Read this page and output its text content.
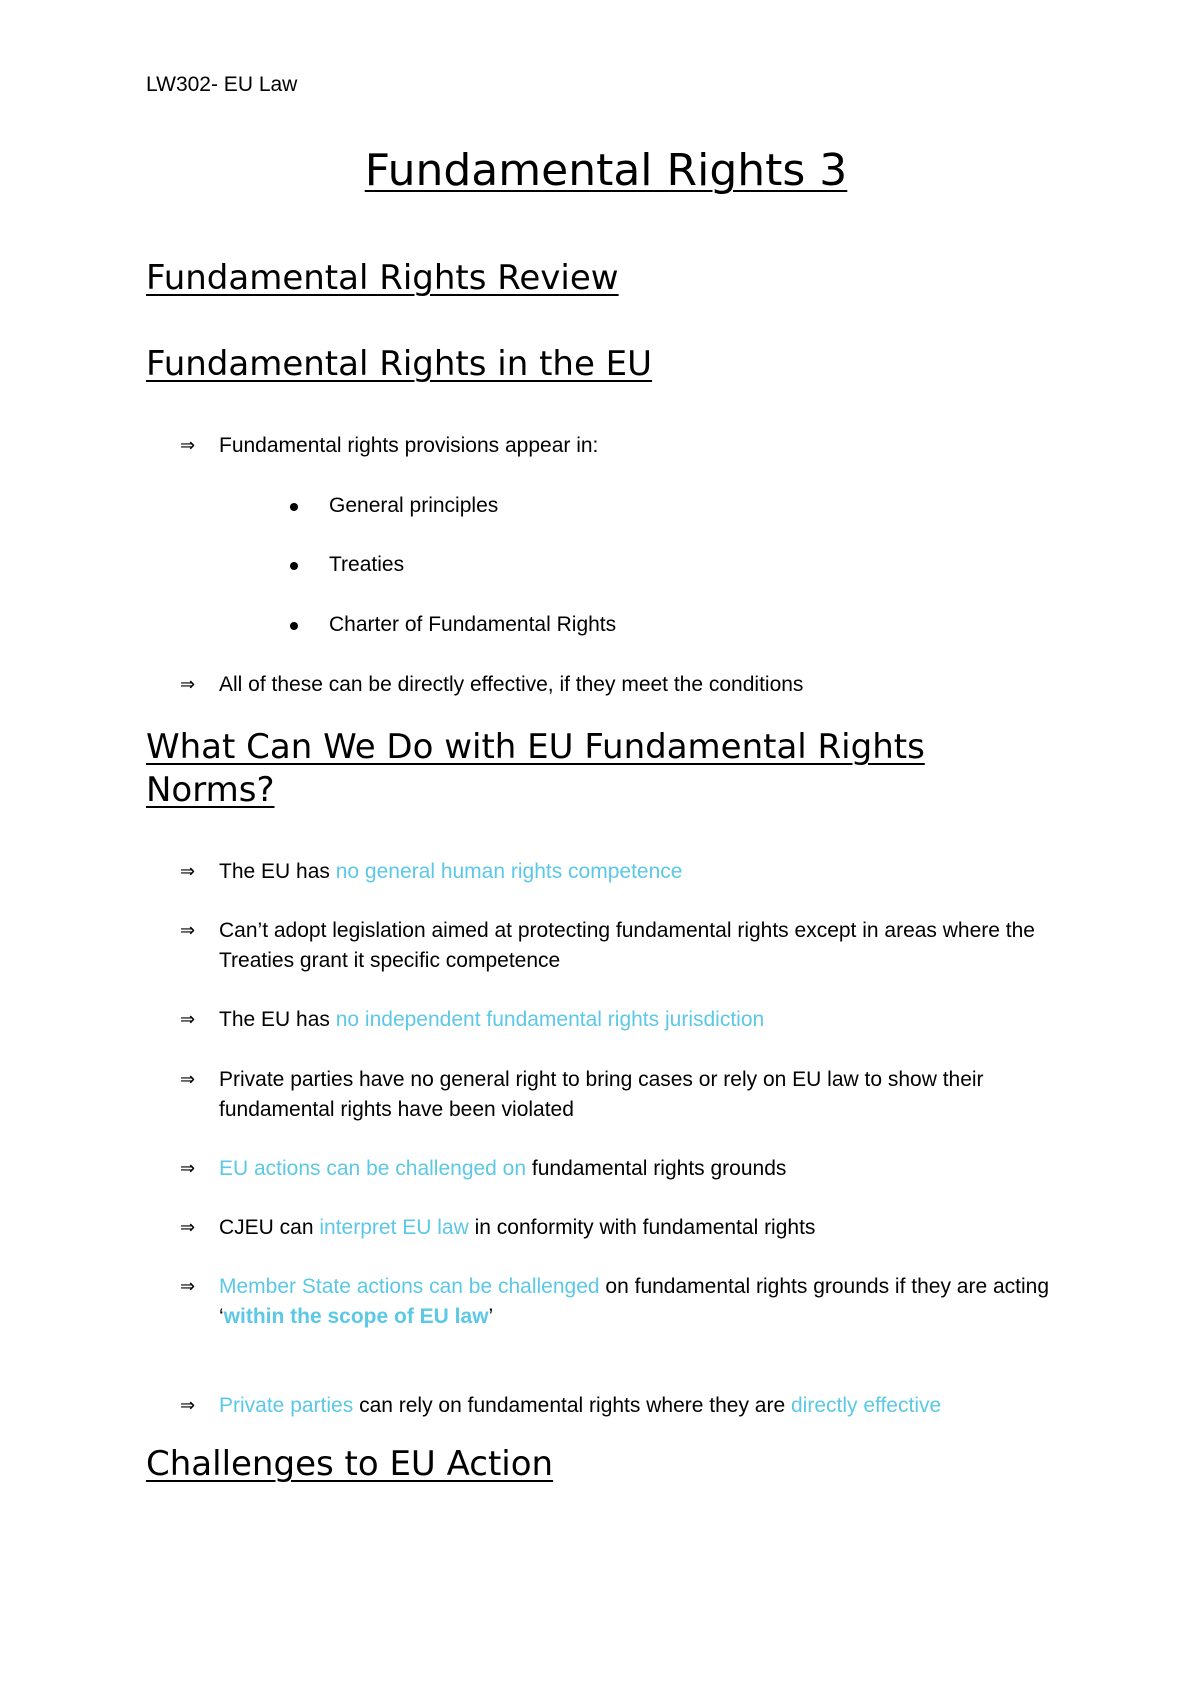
LW302- EU Law
Fundamental Rights 3
Fundamental Rights Review
Fundamental Rights in the EU
⇒ Fundamental rights provisions appear in:
General principles
Treaties
Charter of Fundamental Rights
⇒ All of these can be directly effective, if they meet the conditions
What Can We Do with EU Fundamental Rights Norms?
⇒ The EU has no general human rights competence
⇒ Can’t adopt legislation aimed at protecting fundamental rights except in areas where the Treaties grant it specific competence
⇒ The EU has no independent fundamental rights jurisdiction
⇒ Private parties have no general right to bring cases or rely on EU law to show their fundamental rights have been violated
⇒ EU actions can be challenged on fundamental rights grounds
⇒ CJEU can interpret EU law in conformity with fundamental rights
⇒ Member State actions can be challenged on fundamental rights grounds if they are acting ‘within the scope of EU law’
⇒ Private parties can rely on fundamental rights where they are directly effective
Challenges to EU Action
